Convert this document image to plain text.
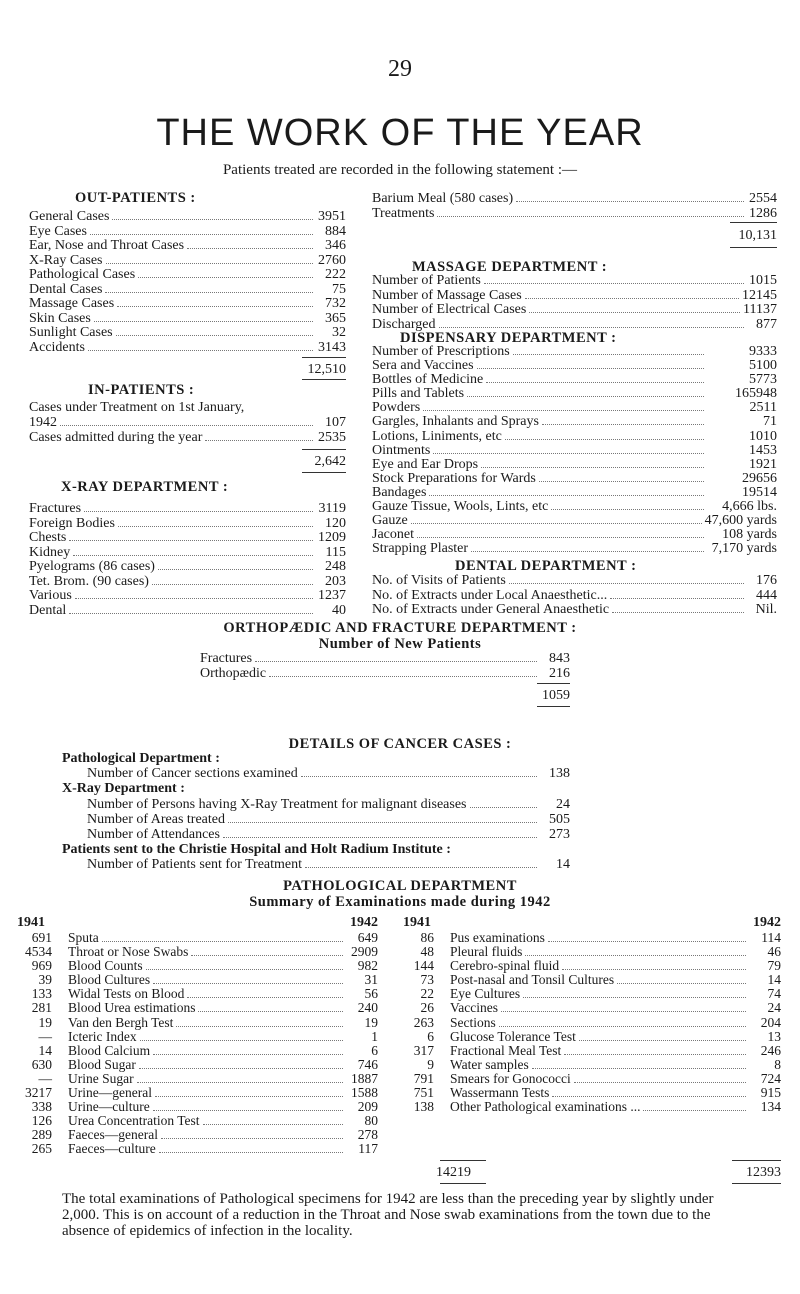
29
THE WORK OF THE YEAR
Patients treated are recorded in the following statement :—
OUT-PATIENTS :
General Cases	3951
Eye Cases	884
Ear, Nose and Throat Cases	346
X-Ray Cases	2760
Pathological Cases	222
Dental Cases	75
Massage Cases	732
Skin Cases	365
Sunlight Cases	32
Accidents	3143
12,510
IN-PATIENTS :
Cases under Treatment on 1st January,
1942	107
Cases admitted during the year	2535
2,642
X-RAY DEPARTMENT :
Fractures	3119
Foreign Bodies	120
Chests	1209
Kidney	115
Pyelograms (86 cases)	248
Tet. Brom. (90 cases)	203
Various	1237
Dental	40
Barium Meal (580 cases)	2554
Treatments	1286
10,131
MASSAGE DEPARTMENT :
Number of Patients	1015
Number of Massage Cases	12145
Number of Electrical Cases	11137
Discharged	877
DISPENSARY DEPARTMENT :
Number of Prescriptions	9333
Sera and Vaccines	5100
Bottles of Medicine	5773
Pills and Tablets	165948
Powders	2511
Gargles, Inhalants and Sprays	71
Lotions, Liniments, etc	1010
Ointments	1453
Eye and Ear Drops	1921
Stock Preparations for Wards	29656
Bandages	19514
Gauze Tissue, Wools, Lints, etc	4,666 lbs.
Gauze	47,600 yards
Jaconet	108 yards
Strapping Plaster	7,170 yards
DENTAL DEPARTMENT :
No. of Visits of Patients	176
No. of Extracts under Local Anaesthetic...	444
No. of Extracts under General Anaesthetic	Nil.
ORTHOPÆDIC AND FRACTURE DEPARTMENT :
Number of New Patients
Fractures	843
Orthopædic	216
1059
DETAILS OF CANCER CASES :
Pathological Department :
Number of Cancer sections examined	138
X-Ray Department :
Number of Persons having X-Ray Treatment for malignant diseases	24
Number of Areas treated	505
Number of Attendances	273
Patients sent to the Christie Hospital and Holt Radium Institute :
Number of Patients sent for Treatment	14
PATHOLOGICAL DEPARTMENT
Summary of Examinations made during 1942
1941	1942 1941	1942
691 Sputa	649
4534 Throat or Nose Swabs	2909
969 Blood Counts	982
39 Blood Cultures	31
133 Widal Tests on Blood	56
281 Blood Urea estimations	240
19 Van den Bergh Test	19
— Icteric Index	1
14 Blood Calcium	6
630 Blood Sugar	746
— Urine Sugar	1887
3217 Urine—general	1588
338 Urine—culture	209
126 Urea Concentration Test	80
289 Faeces—general	278
265 Faeces—culture	117
86 Pus examinations	114
48 Pleural fluids	46
144 Cerebro-spinal fluid	79
73 Post-nasal and Tonsil Cultures	14
22 Eye Cultures	74
26 Vaccines	24
263 Sections	204
6 Glucose Tolerance Test	13
317 Fractional Meal Test	246
9 Water samples	8
791 Smears for Gonococci	724
751 Wassermann Tests	915
138 Other Pathological examinations ...	134
14219	12393
The total examinations of Pathological specimens for 1942 are less than the preceding year by slightly under 2,000. This is on account of a reduction in the Throat and Nose swab examinations from the town due to the absence of epidemics of infection in the locality.
